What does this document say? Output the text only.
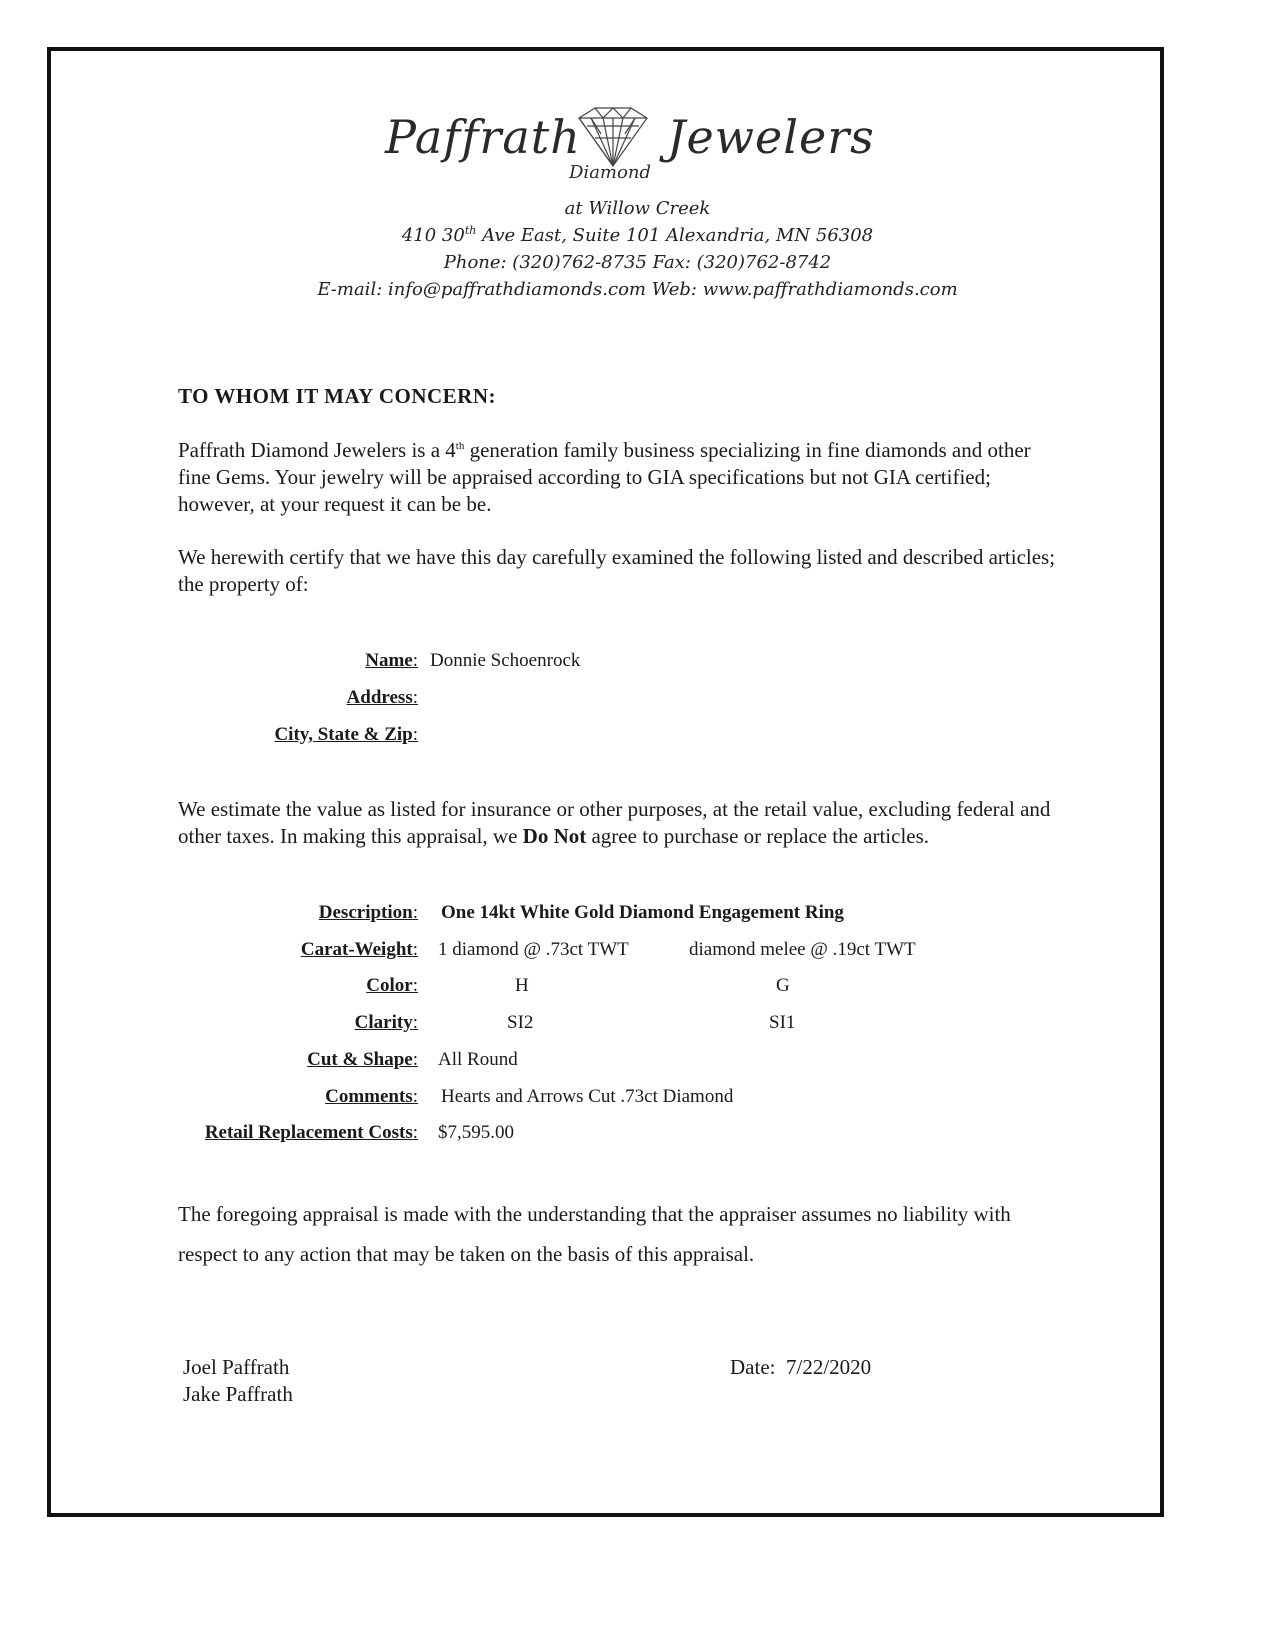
Paffrath
Diamond
Jewelers
at Willow Creek
410 30th Ave East, Suite 101 Alexandria, MN 56308
Phone: (320)762-8735 Fax: (320)762-8742
E-mail: info@paffrathdiamonds.com Web: www.paffrathdiamonds.com
TO WHOM IT MAY CONCERN:
Paffrath Diamond Jewelers is a 4th generation family business specializing in fine diamonds and other fine Gems. Your jewelry will be appraised according to GIA specifications but not GIA certified; however, at your request it can be be.
We herewith certify that we have this day carefully examined the following listed and described articles; the property of:
Name: Donnie Schoenrock
Address:
City, State & Zip:
We estimate the value as listed for insurance or other purposes, at the retail value, excluding federal and other taxes. In making this appraisal, we Do Not agree to purchase or replace the articles.
Description: One 14kt White Gold Diamond Engagement Ring
Carat-Weight: 1 diamond @ .73ct TWT	diamond melee @ .19ct TWT
Color:	H	G
Clarity:	SI2	SI1
Cut & Shape: All Round
Comments: Hearts and Arrows Cut .73ct Diamond
Retail Replacement Costs: $7,595.00
The foregoing appraisal is made with the understanding that the appraiser assumes no liability with respect to any action that may be taken on the basis of this appraisal.
Joel Paffrath
Jake Paffrath
Date: 7/22/2020
